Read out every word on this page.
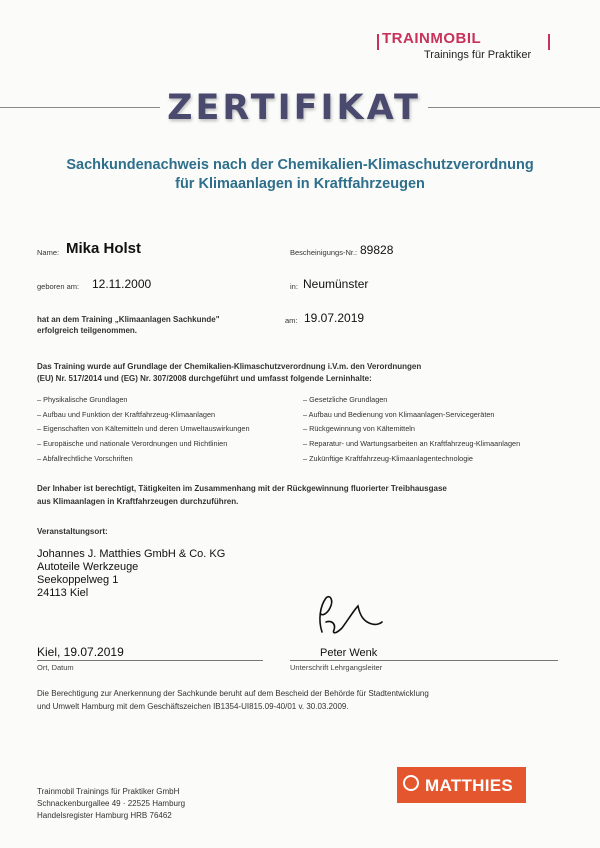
TRAINMOBIL
Trainings für Praktiker
ZERTIFIKAT
Sachkundenachweis nach der Chemikalien-Klimaschutzverordnung
für Klimaanlagen in Kraftfahrzeugen
Name: Mika Holst	Bescheinigungs-Nr.: 89828
geboren am: 12.11.2000	in: Neumünster
hat an dem Training „Klimaanlagen Sachkunde"
erfolgreich teilgenommen.
am: 19.07.2019
Das Training wurde auf Grundlage der Chemikalien-Klimaschutzverordnung i.V.m. den Verordnungen
(EU) Nr. 517/2014 und (EG) Nr. 307/2008 durchgeführt und umfasst folgende Lerninhalte:
– Physikalische Grundlagen
– Aufbau und Funktion der Kraftfahrzeug-Klimaanlagen
– Eigenschaften von Kältemitteln und deren Umweltauswirkungen
– Europäische und nationale Verordnungen und Richtlinien
– Abfallrechtliche Vorschriften
– Gesetzliche Grundlagen
– Aufbau und Bedienung von Klimaanlagen-Servicegeräten
– Rückgewinnung von Kältemitteln
– Reparatur- und Wartungsarbeiten an Kraftfahrzeug-Klimaanlagen
– Zukünftige Kraftfahrzeug-Klimaanlagentechnologie
Der Inhaber ist berechtigt, Tätigkeiten im Zusammenhang mit der Rückgewinnung fluorierter Treibhausgase
aus Klimaanlagen in Kraftfahrzeugen durchzuführen.
Veranstaltungsort:
Johannes J. Matthies GmbH & Co. KG
Autoteile Werkzeuge
Seekoppelweg 1
24113 Kiel
Kiel, 19.07.2019
Ort, Datum
Peter Wenk
Unterschrift Lehrgangsleiter
Die Berechtigung zur Anerkennung der Sachkunde beruht auf dem Bescheid der Behörde für Stadtentwicklung
und Umwelt Hamburg mit dem Geschäftszeichen IB1354-UI815.09-40/01 v. 30.03.2009.
Trainmobil Trainings für Praktiker GmbH
Schnackenburgallee 49 · 22525 Hamburg
Handelsregister Hamburg HRB 76462
MATTHIES
